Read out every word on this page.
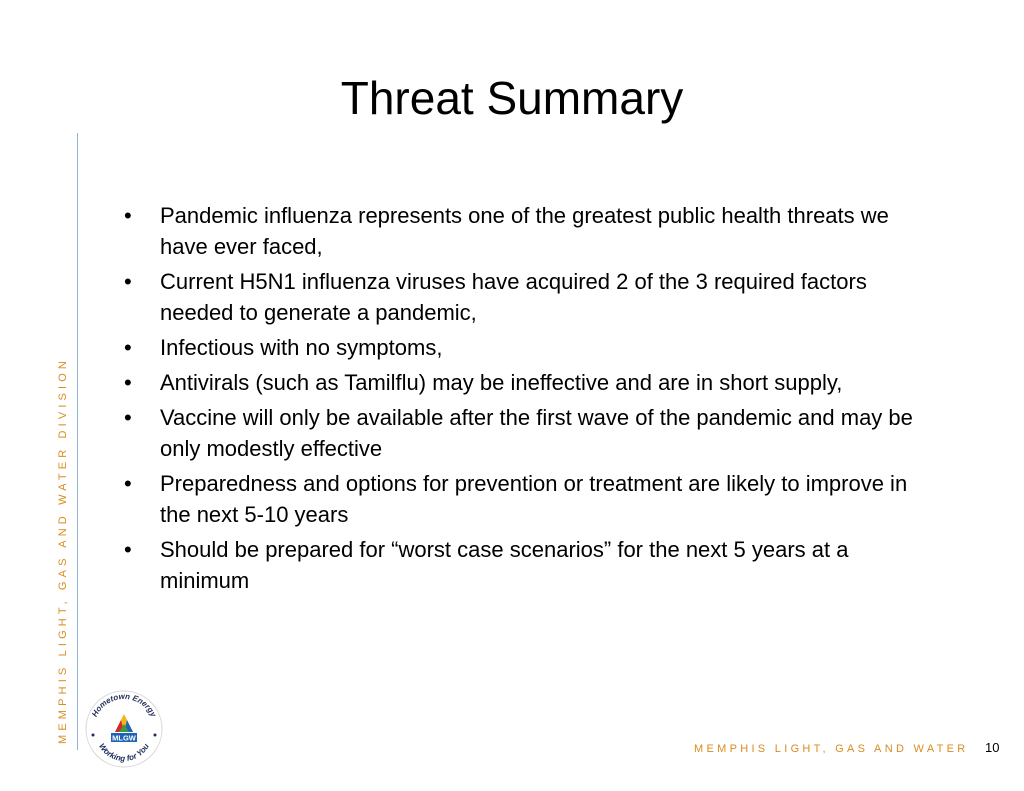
Threat Summary
MEMPHIS LIGHT, GAS AND WATER DIVISION
• Pandemic influenza represents one of the greatest public health threats we have ever faced,
• Current H5N1 influenza viruses have acquired 2 of the 3 required factors needed to generate a pandemic,
• Infectious with no symptoms,
• Antivirals (such as Tamilflu) may be ineffective and are in short supply,
• Vaccine will only be available after the first wave of the pandemic and may be only modestly effective
• Preparedness and options for prevention or treatment are likely to improve in the next 5-10 years
• Should be prepared for “worst case scenarios” for the next 5 years at a minimum
Hometown Energy
Working for You
MLGW
MEMPHIS LIGHT, GAS AND WATER 10
